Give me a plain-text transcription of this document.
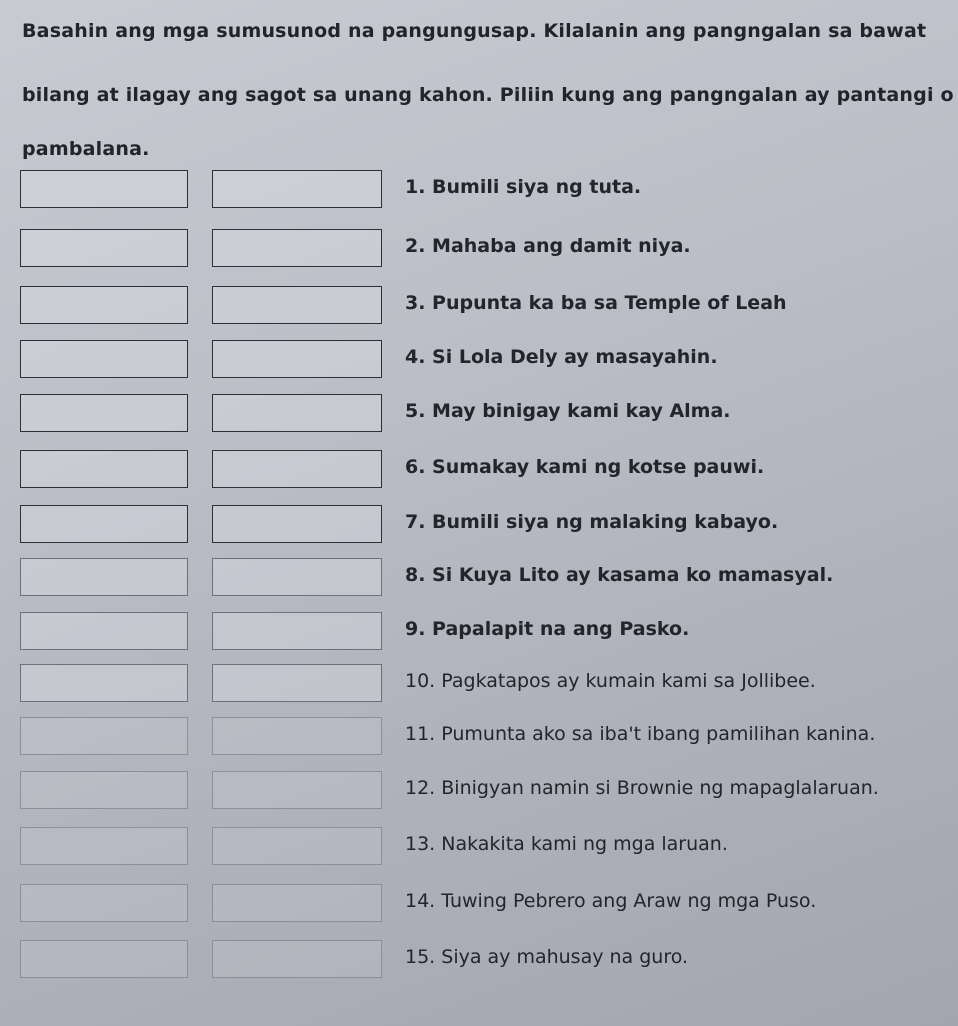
Basahin ang mga sumusunod na pangungusap. Kilalanin ang pangngalan sa bawat
bilang at ilagay ang sagot sa unang kahon. Piliin kung ang pangngalan ay pantangi o
pambalana.
1. Bumili siya ng tuta.
2. Mahaba ang damit niya.
3. Pupunta ka ba sa Temple of Leah
4. Si Lola Dely ay masayahin.
5. May binigay kami kay Alma.
6. Sumakay kami ng kotse pauwi.
7. Bumili siya ng malaking kabayo.
8. Si Kuya Lito ay kasama ko mamasyal.
9. Papalapit na ang Pasko.
10. Pagkatapos ay kumain kami sa Jollibee.
11. Pumunta ako sa iba't ibang pamilihan kanina.
12. Binigyan namin si Brownie ng mapaglalaruan.
13. Nakakita kami ng mga laruan.
14. Tuwing Pebrero ang Araw ng mga Puso.
15. Siya ay mahusay na guro.
